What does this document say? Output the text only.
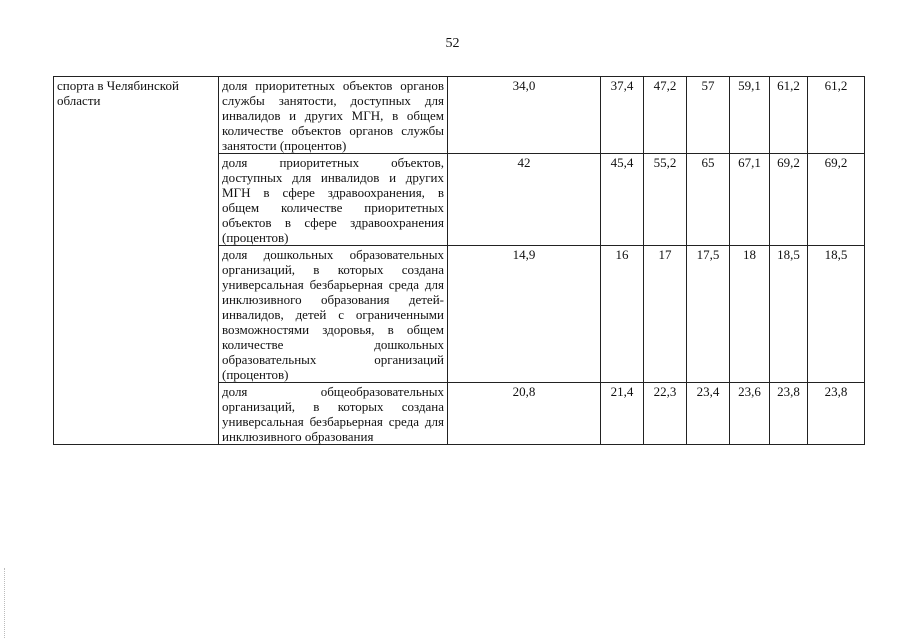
52
спорта в Челябинской области	доля приоритетных объектов органов службы занятости, доступных для инвалидов и других МГН, в общем количестве объектов органов службы занятости (процентов)	34,0	37,4	47,2	57	59,1	61,2	61,2
	доля приоритетных объектов, доступных для инвалидов и других МГН в сфере здравоохранения, в общем количестве приоритетных объектов в сфере здравоохранения (процентов)	42	45,4	55,2	65	67,1	69,2	69,2
	доля дошкольных образовательных организаций, в которых создана универсальная безбарьерная среда для инклюзивного образования детей-инвалидов, детей с ограниченными возможностями здоровья, в общем количестве дошкольных образовательных организаций (процентов)	14,9	16	17	17,5	18	18,5	18,5
	доля общеобразовательных организаций, в которых создана универсальная безбарьерная среда для инклюзивного образования	20,8	21,4	22,3	23,4	23,6	23,8	23,8
